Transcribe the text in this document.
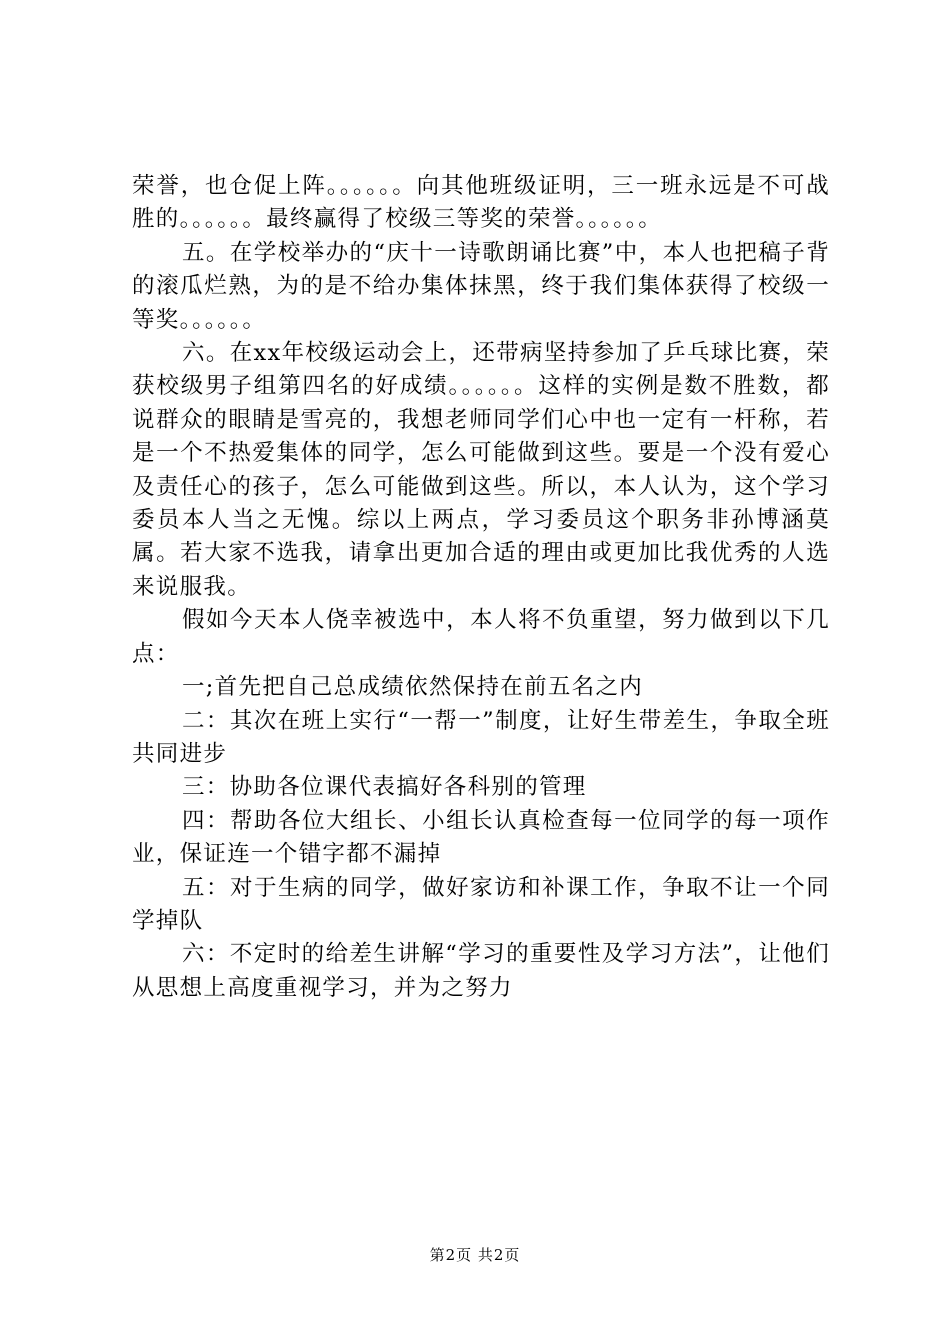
荣誉，也仓促上阵。。。。。。向其他班级证明，三一班永远是不可战胜的。。。。。。最终赢得了校级三等奖的荣誉。。。。。。

五。在学校举办的“庆十一诗歌朗诵比赛”中，本人也把稿子背的滚瓜烂熟，为的是不给办集体抹黑，终于我们集体获得了校级一等奖。。。。。。

六。在xx年校级运动会上，还带病坚持参加了乒乓球比赛，荣获校级男子组第四名的好成绩。。。。。。这样的实例是数不胜数，都说群众的眼睛是雪亮的，我想老师同学们心中也一定有一杆称，若是一个不热爱集体的同学，怎么可能做到这些。要是一个没有爱心及责任心的孩子，怎么可能做到这些。所以，本人认为，这个学习委员本人当之无愧。综以上两点，学习委员这个职务非孙博涵莫属。若大家不选我，请拿出更加合适的理由或更加比我优秀的人选来说服我。

假如今天本人侥幸被选中，本人将不负重望，努力做到以下几点：

一;首先把自己总成绩依然保持在前五名之内

二：其次在班上实行“一帮一”制度，让好生带差生，争取全班共同进步

三：协助各位课代表搞好各科别的管理

四：帮助各位大组长、小组长认真检查每一位同学的每一项作业，保证连一个错字都不漏掉

五：对于生病的同学，做好家访和补课工作，争取不让一个同学掉队

六：不定时的给差生讲解“学习的重要性及学习方法”，让他们从思想上高度重视学习，并为之努力

第2页 共2页
